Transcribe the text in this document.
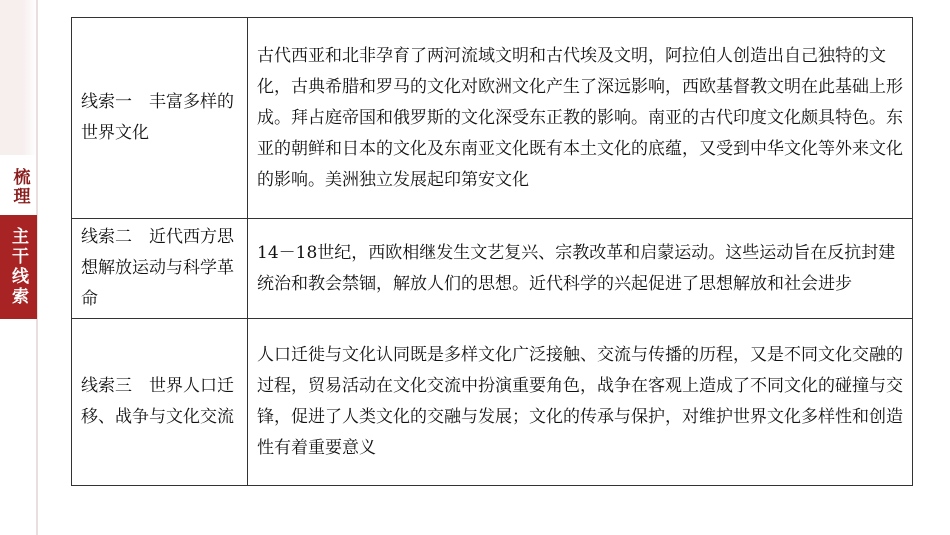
梳理
主干线索
线索一　丰富多样的世界文化	古代西亚和北非孕育了两河流域文明和古代埃及文明，阿拉伯人创造出自己独特的文化，古典希腊和罗马的文化对欧洲文化产生了深远影响，西欧基督教文明在此基础上形成。拜占庭帝国和俄罗斯的文化深受东正教的影响。南亚的古代印度文化颇具特色。东亚的朝鲜和日本的文化及东南亚文化既有本土文化的底蕴，又受到中华文化等外来文化的影响。美洲独立发展起印第安文化

线索二　近代西方思想解放运动与科学革命	14－18世纪，西欧相继发生文艺复兴、宗教改革和启蒙运动。这些运动旨在反抗封建统治和教会禁锢，解放人们的思想。近代科学的兴起促进了思想解放和社会进步

线索三　世界人口迁移、战争与文化交流	人口迁徙与文化认同既是多样文化广泛接触、交流与传播的历程，又是不同文化交融的过程，贸易活动在文化交流中扮演重要角色，战争在客观上造成了不同文化的碰撞与交锋，促进了人类文化的交融与发展；文化的传承与保护，对维护世界文化多样性和创造性有着重要意义
